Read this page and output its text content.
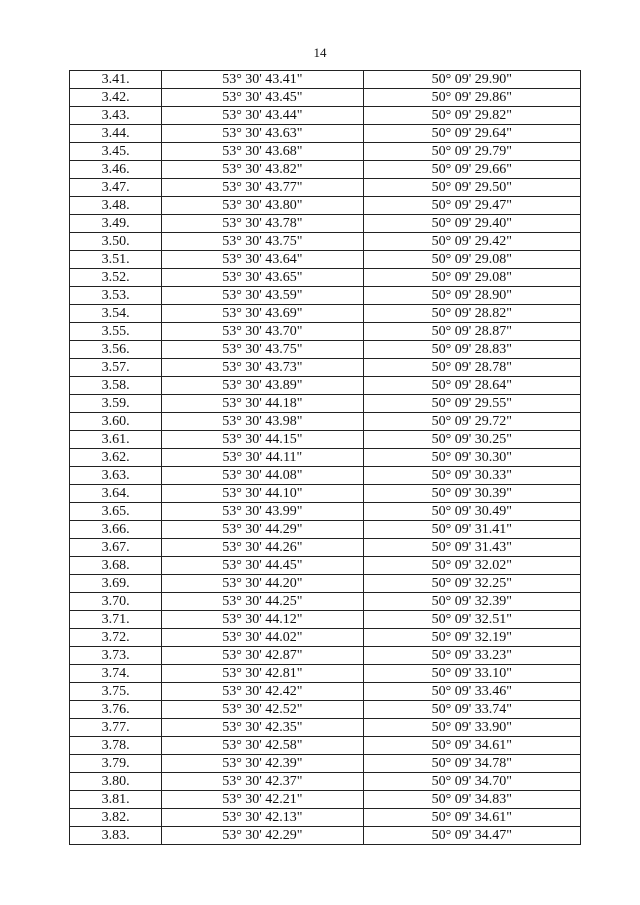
14
3.41.	53° 30' 43.41"	50° 09' 29.90"
3.42.	53° 30' 43.45"	50° 09' 29.86"
3.43.	53° 30' 43.44"	50° 09' 29.82"
3.44.	53° 30' 43.63"	50° 09' 29.64"
3.45.	53° 30' 43.68"	50° 09' 29.79"
3.46.	53° 30' 43.82"	50° 09' 29.66"
3.47.	53° 30' 43.77"	50° 09' 29.50"
3.48.	53° 30' 43.80"	50° 09' 29.47"
3.49.	53° 30' 43.78"	50° 09' 29.40"
3.50.	53° 30' 43.75"	50° 09' 29.42"
3.51.	53° 30' 43.64"	50° 09' 29.08"
3.52.	53° 30' 43.65"	50° 09' 29.08"
3.53.	53° 30' 43.59"	50° 09' 28.90"
3.54.	53° 30' 43.69"	50° 09' 28.82"
3.55.	53° 30' 43.70"	50° 09' 28.87"
3.56.	53° 30' 43.75"	50° 09' 28.83"
3.57.	53° 30' 43.73"	50° 09' 28.78"
3.58.	53° 30' 43.89"	50° 09' 28.64"
3.59.	53° 30' 44.18"	50° 09' 29.55"
3.60.	53° 30' 43.98"	50° 09' 29.72"
3.61.	53° 30' 44.15"	50° 09' 30.25"
3.62.	53° 30' 44.11"	50° 09' 30.30"
3.63.	53° 30' 44.08"	50° 09' 30.33"
3.64.	53° 30' 44.10"	50° 09' 30.39"
3.65.	53° 30' 43.99"	50° 09' 30.49"
3.66.	53° 30' 44.29"	50° 09' 31.41"
3.67.	53° 30' 44.26"	50° 09' 31.43"
3.68.	53° 30' 44.45"	50° 09' 32.02"
3.69.	53° 30' 44.20"	50° 09' 32.25"
3.70.	53° 30' 44.25"	50° 09' 32.39"
3.71.	53° 30' 44.12"	50° 09' 32.51"
3.72.	53° 30' 44.02"	50° 09' 32.19"
3.73.	53° 30' 42.87"	50° 09' 33.23"
3.74.	53° 30' 42.81"	50° 09' 33.10"
3.75.	53° 30' 42.42"	50° 09' 33.46"
3.76.	53° 30' 42.52"	50° 09' 33.74"
3.77.	53° 30' 42.35"	50° 09' 33.90"
3.78.	53° 30' 42.58"	50° 09' 34.61"
3.79.	53° 30' 42.39"	50° 09' 34.78"
3.80.	53° 30' 42.37"	50° 09' 34.70"
3.81.	53° 30' 42.21"	50° 09' 34.83"
3.82.	53° 30' 42.13"	50° 09' 34.61"
3.83.	53° 30' 42.29"	50° 09' 34.47"
